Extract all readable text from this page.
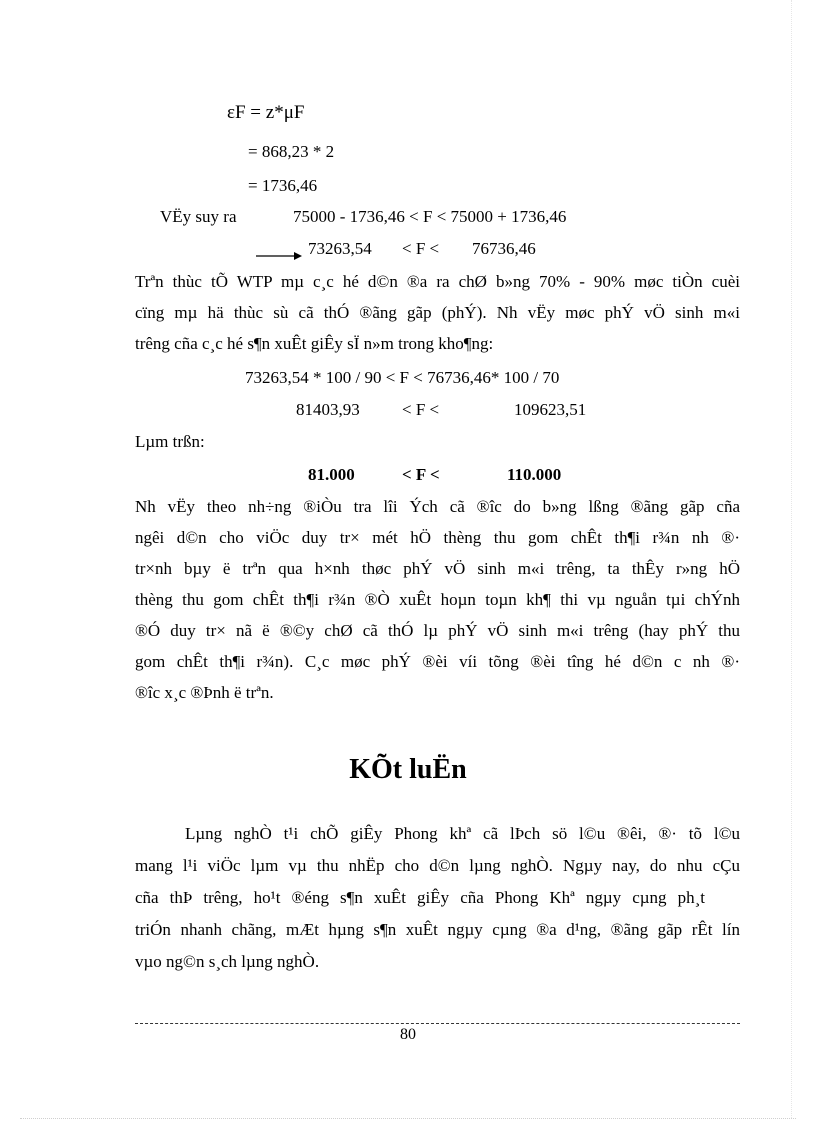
εF = z*μF
= 868,23 * 2
= 1736,46
VËy suy ra	75000 - 1736,46 < F < 75000 + 1736,46
73263,54 < F < 76736,46
Trªn thùc tÕ WTP mµ c¸c hé d©n ®a ra chØ b»ng 70% - 90% møc tiÒn cuèi
cïng mµ hä thùc sù cã thÓ ®ãng gãp (phÝ). Nh vËy møc phÝ vÖ sinh m«i
trêng cña c¸c hé s¶n xuÊt giÊy sÏ n»m trong kho¶ng:
73263,54 * 100 / 90 < F < 76736,46* 100 / 70
81403,93 < F <	109623,51
Lµm trßn:
81.000	< F <	110.000
Nh vËy theo nh÷ng ®iÒu tra lîi Ých cã ®îc do b»ng lßng ®ãng gãp cña
ngêi d©n cho viÖc duy tr× mét hÖ thèng thu gom chÊt th¶i r¾n nh ®·
tr×nh bµy ë trªn qua h×nh thøc phÝ vÖ sinh m«i trêng, ta thÊy r»ng hÖ
thèng thu gom chÊt th¶i r¾n ®Ò xuÊt hoµn toµn kh¶ thi vµ nguån tµi chÝnh
®Ó duy tr× nã ë ®©y chØ cã thÓ lµ phÝ vÖ sinh m«i trêng (hay phÝ thu
gom chÊt th¶i r¾n). C¸c møc phÝ ®èi víi tõng ®èi tîng hé d©n c nh ®·
®îc x¸c ®Þnh ë trªn.
KÕt luËn
Lµng nghÒ t¹i chÕ giÊy Phong khª cã lÞch sö l©u ®êi, ®· tõ l©u
mang l¹i viÖc lµm vµ thu nhËp cho d©n lµng nghÒ. Ngµy nay, do nhu cÇu
cña thÞ trêng, ho¹t ®éng s¶n xuÊt giÊy cña Phong Khª ngµy cµng ph¸t
triÓn nhanh chãng, mÆt hµng s¶n xuÊt ngµy cµng ®a d¹ng, ®ãng gãp rÊt lín
vµo ng©n s¸ch lµng nghÒ.
80
